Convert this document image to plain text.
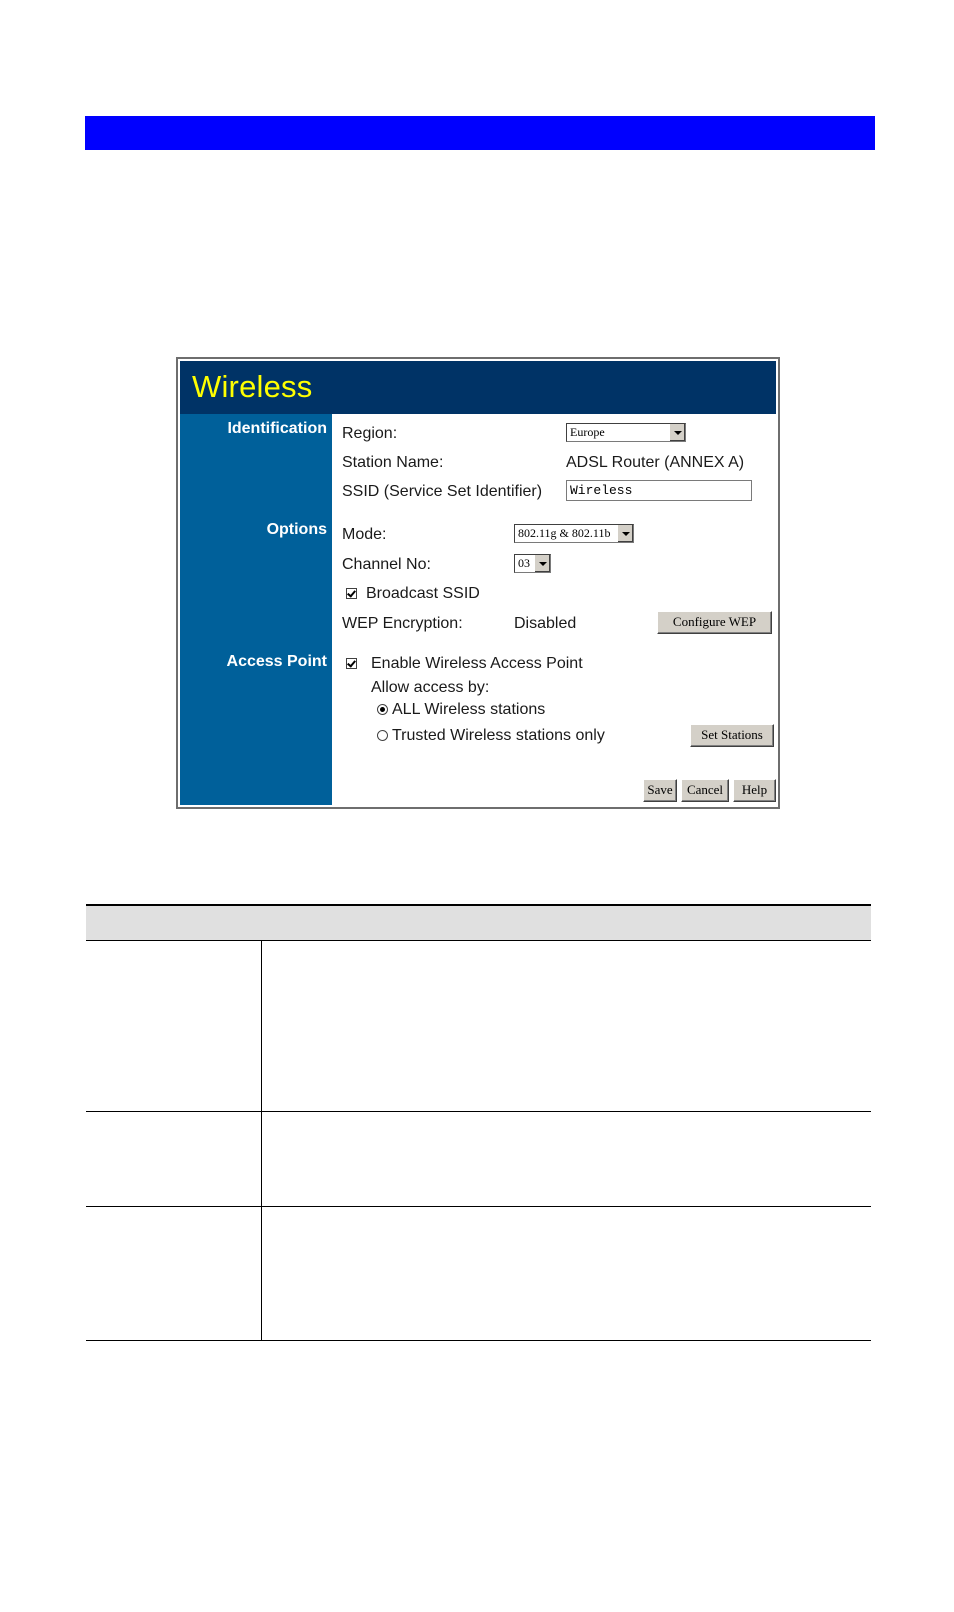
Wireless
Identification
Options
Access Point
Region:	Europe
Station Name:	ADSL Router (ANNEX A)
SSID (Service Set Identifier)	Wireless
Mode:	802.11g & 802.11b
Channel No:	03
Broadcast SSID
WEP Encryption:	Disabled	Configure WEP
Enable Wireless Access Point
Allow access by:
ALL Wireless stations
Trusted Wireless stations only	Set Stations
Save	Cancel	Help
